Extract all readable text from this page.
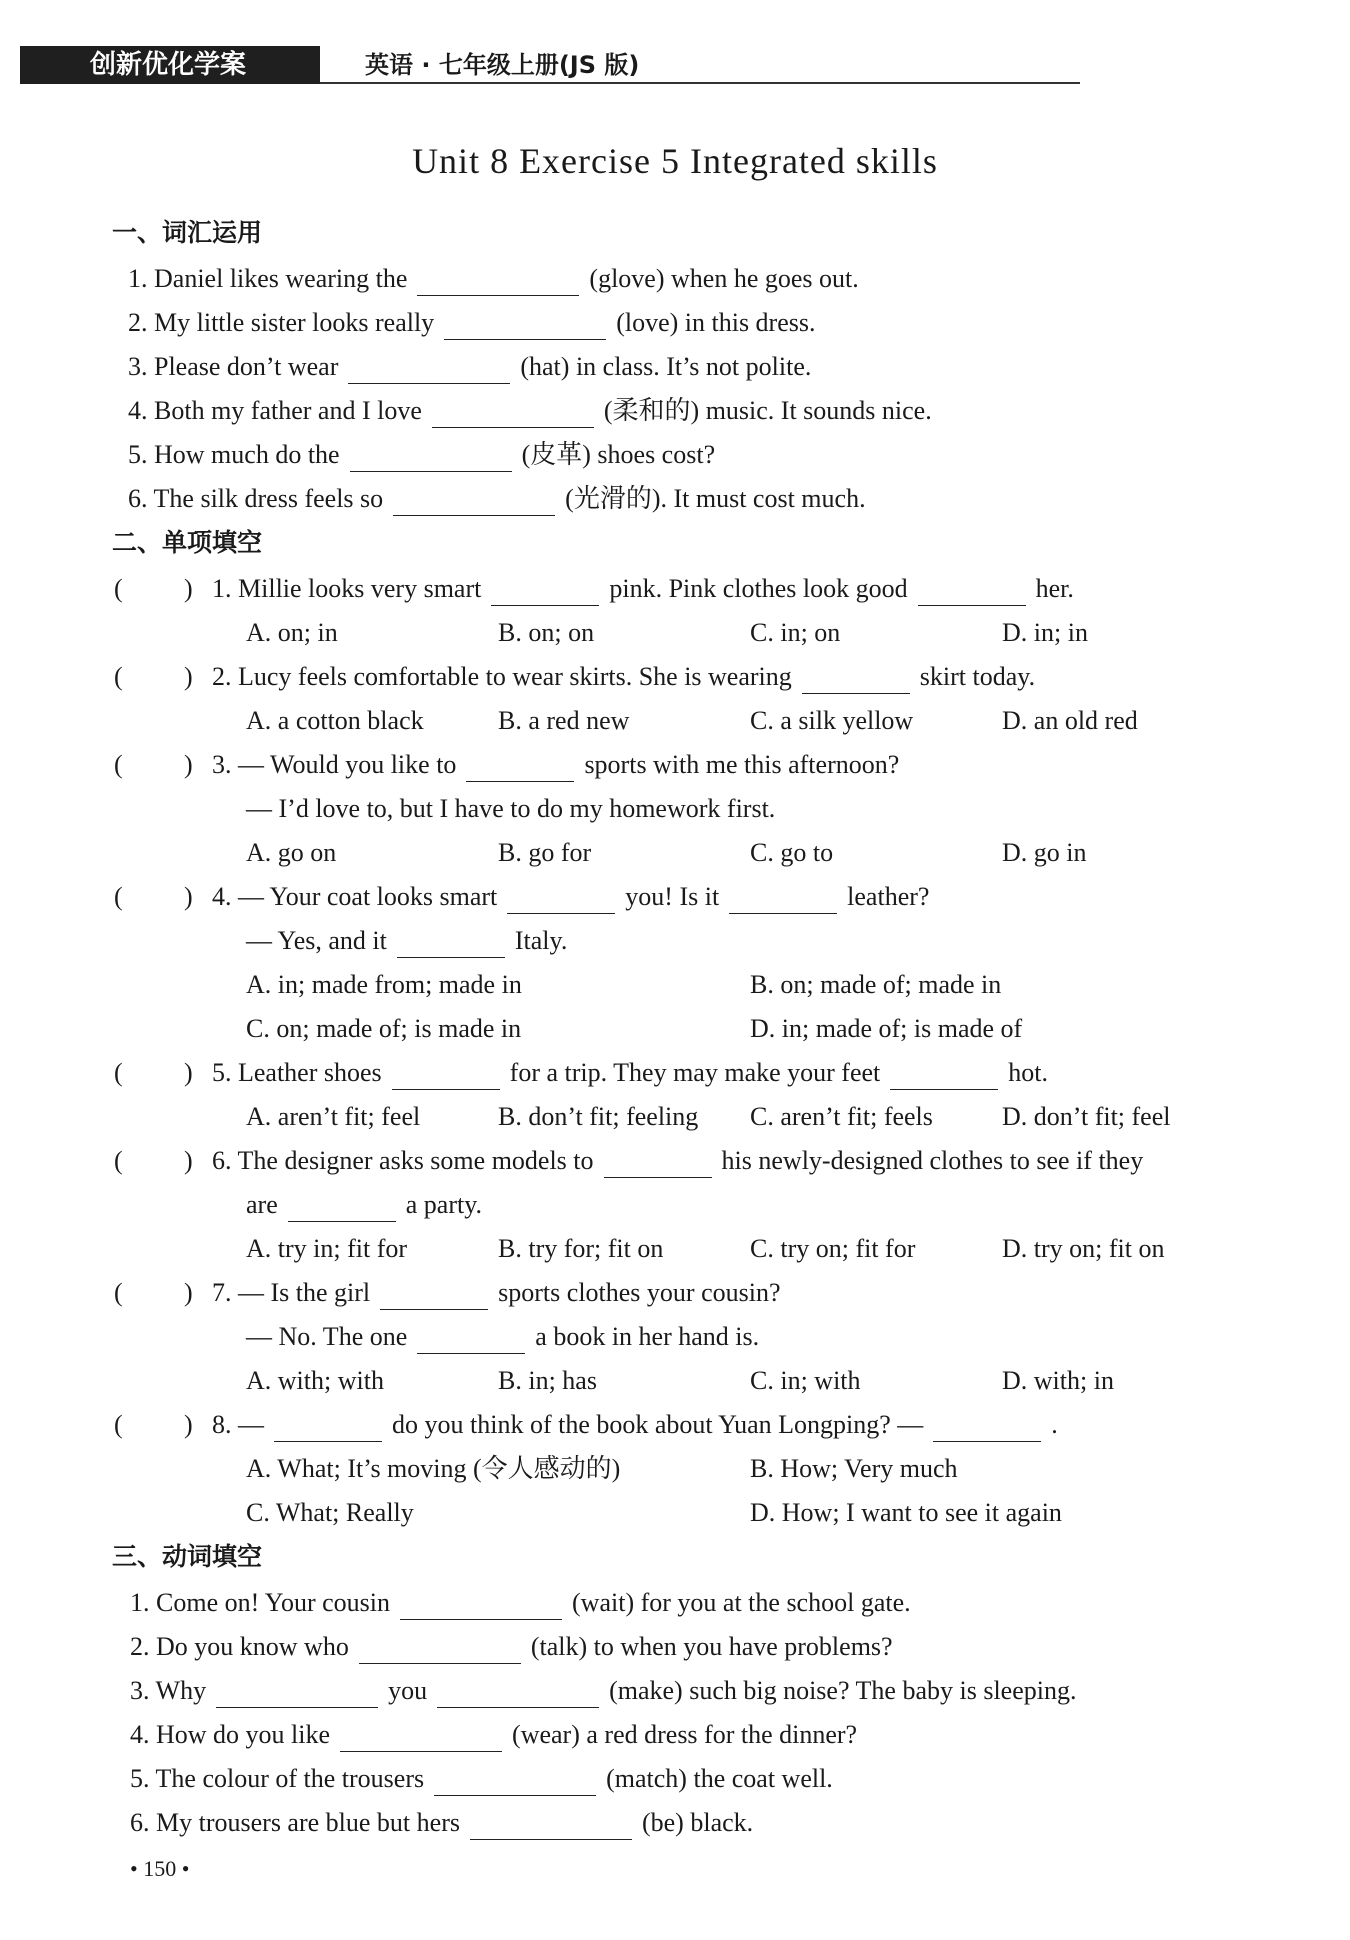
创新优化学案	英语 · 七年级上册(JS 版)
Unit 8 Exercise 5 Integrated skills
一、词汇运用
1. Daniel likes wearing the	(glove) when he goes out.
2. My little sister looks really	(love) in this dress.
3. Please don’t wear	(hat) in class. It’s not polite.
4. Both my father and I love	(柔和的) music. It sounds nice.
5. How much do the	(皮革) shoes cost?
6. The silk dress feels so	(光滑的). It must cost much.
二、单项填空
( ) 1. Millie looks very smart	pink. Pink clothes look good	her.
A. on; in	B. on; on	C. in; on	D. in; in
( ) 2. Lucy feels comfortable to wear skirts. She is wearing	skirt today.
A. a cotton black	B. a red new	C. a silk yellow	D. an old red
( ) 3. — Would you like to	sports with me this afternoon?
— I’d love to, but I have to do my homework first.
A. go on	B. go for	C. go to	D. go in
( ) 4. — Your coat looks smart	you! Is it	leather?
— Yes, and it	Italy.
A. in; made from; made in	B. on; made of; made in
C. on; made of; is made in	D. in; made of; is made of
( ) 5. Leather shoes	for a trip. They may make your feet	hot.
A. aren’t fit; feel	B. don’t fit; feeling C. aren’t fit; feels	D. don’t fit; feel
( ) 6. The designer asks some models to	his newly-designed clothes to see if they
are	a party.
A. try in; fit for	B. try for; fit on	C. try on; fit for	D. try on; fit on
( ) 7. — Is the girl	sports clothes your cousin?
— No. The one	a book in her hand is.
A. with; with	B. in; has	C. in; with	D. with; in
( ) 8. —	do you think of the book about Yuan Longping? —	.
A. What; It’s moving (令人感动的)	B. How; Very much
C. What; Really	D. How; I want to see it again
三、动词填空
1. Come on! Your cousin	(wait) for you at the school gate.
2. Do you know who	(talk) to when you have problems?
3. Why	you	(make) such big noise? The baby is sleeping.
4. How do you like	(wear) a red dress for the dinner?
5. The colour of the trousers	(match) the coat well.
6. My trousers are blue but hers	(be) black.
• 150 •
